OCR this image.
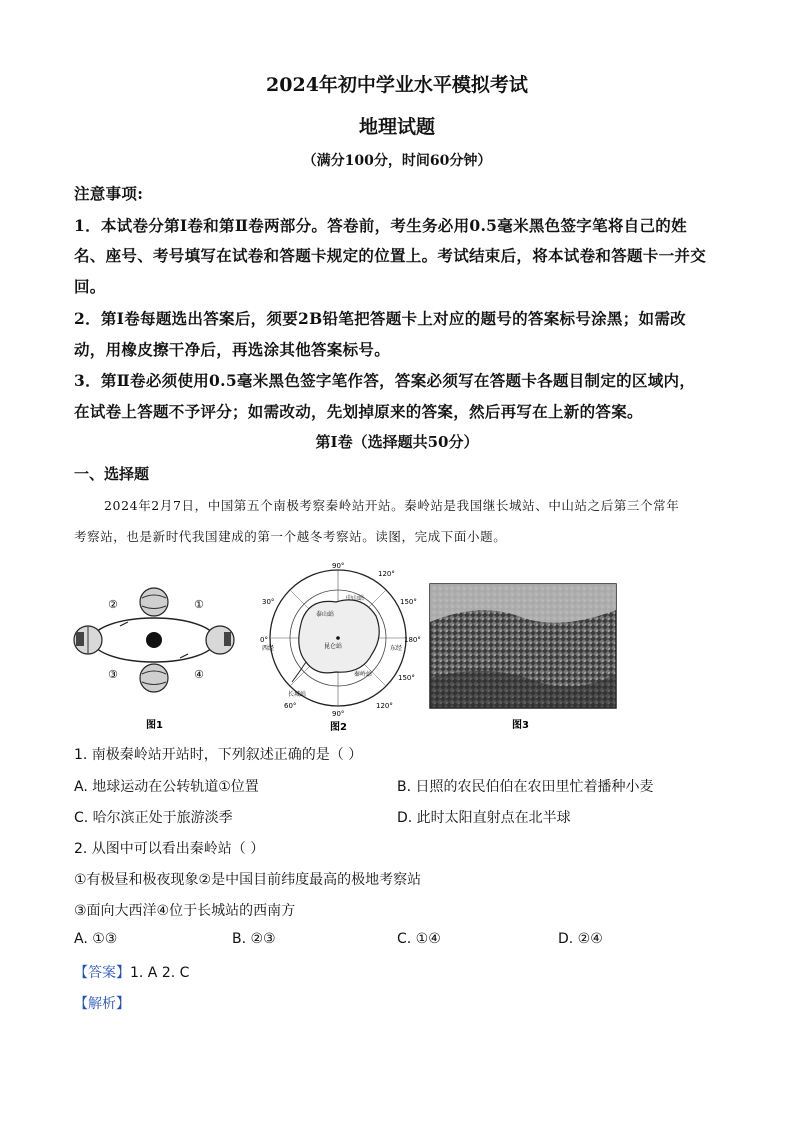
2024年初中学业水平模拟考试
地理试题
（满分100分，时间60分钟）
注意事项:
1．本试卷分第Ⅰ卷和第Ⅱ卷两部分。答卷前，考生务必用0.5毫米黑色签字笔将自己的姓
名、座号、考号填写在试卷和答题卡规定的位置上。考试结束后，将本试卷和答题卡一并交
回。
2．第Ⅰ卷每题选出答案后，须要2B铅笔把答题卡上对应的题号的答案标号涂黑；如需改
动，用橡皮擦干净后，再选涂其他答案标号。
3．第Ⅱ卷必须使用0.5毫米黑色签字笔作答，答案必须写在答题卡各题目制定的区域内，
在试卷上答题不予评分；如需改动，先划掉原来的答案，然后再写在上新的答案。
第Ⅰ卷（选择题共50分）
一、选择题
2024年2月7日，中国第五个南极考察秦岭站开站。秦岭站是我国继长城站、中山站之后第三个常年
考察站，也是新时代我国建成的第一个越冬考察站。读图，完成下面小题。
②	①
③	④
图1
90°
120°
150°
180°
150°
120°
90°
60°
30°
0°
东经
西经
中山站
秦岭站
长城站
泰山站
昆仑站
图2	图3
1. 南极秦岭站开站时，下列叙述正确的是（ ）
A. 地球运动在公转轨道①位置	B. 日照的农民伯伯在农田里忙着播种小麦
C. 哈尔滨正处于旅游淡季	D. 此时太阳直射点在北半球
2. 从图中可以看出秦岭站（ ）
①有极昼和极夜现象②是中国目前纬度最高的极地考察站
③面向大西洋④位于长城站的西南方
A. ①③	B. ②③	C. ①④	D. ②④
【答案】1. A 2. C
【解析】
